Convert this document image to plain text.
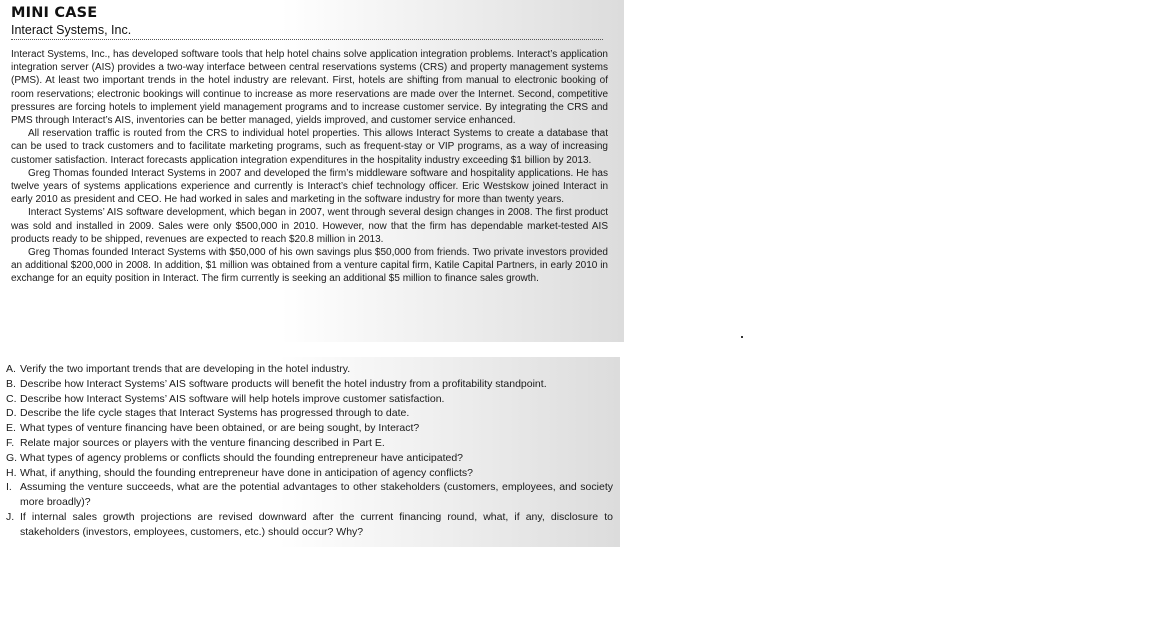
MINI CASE
Interact Systems, Inc.

Interact Systems, Inc., has developed software tools that help hotel chains solve application integration problems. Interact’s application integration server (AIS) provides a two-way interface between central reservations systems (CRS) and property management systems (PMS). At least two important trends in the hotel industry are relevant. First, hotels are shifting from manual to electronic booking of room reservations; electronic bookings will continue to increase as more reservations are made over the Internet. Second, competitive pressures are forcing hotels to implement yield management programs and to increase customer service. By integrating the CRS and PMS through Interact’s AIS, inventories can be better managed, yields improved, and customer service enhanced.

All reservation traffic is routed from the CRS to individual hotel properties. This allows Interact Systems to create a database that can be used to track customers and to facilitate marketing programs, such as frequent-stay or VIP programs, as a way of increasing customer satisfaction. Interact forecasts application integration expenditures in the hospitality industry exceeding $1 billion by 2013.

Greg Thomas founded Interact Systems in 2007 and developed the firm’s middleware software and hospitality applications. He has twelve years of systems applications experience and currently is Interact’s chief technology officer. Eric Westskow joined Interact in early 2010 as president and CEO. He had worked in sales and marketing in the software industry for more than twenty years.

Interact Systems’ AIS software development, which began in 2007, went through several design changes in 2008. The first product was sold and installed in 2009. Sales were only $500,000 in 2010. However, now that the firm has dependable market-tested AIS products ready to be shipped, revenues are expected to reach $20.8 million in 2013.

Greg Thomas founded Interact Systems with $50,000 of his own savings plus $50,000 from friends. Two private investors provided an additional $200,000 in 2008. In addition, $1 million was obtained from a venture capital firm, Katile Capital Partners, in early 2010 in exchange for an equity position in Interact. The firm currently is seeking an additional $5 million to finance sales growth.

A. Verify the two important trends that are developing in the hotel industry.
B. Describe how Interact Systems’ AIS software products will benefit the hotel industry from a profitability standpoint.
C. Describe how Interact Systems’ AIS software will help hotels improve customer satisfaction.
D. Describe the life cycle stages that Interact Systems has progressed through to date.
E. What types of venture financing have been obtained, or are being sought, by Interact?
F. Relate major sources or players with the venture financing described in Part E.
G. What types of agency problems or conflicts should the founding entrepreneur have anticipated?
H. What, if anything, should the founding entrepreneur have done in anticipation of agency conflicts?
I. Assuming the venture succeeds, what are the potential advantages to other stakeholders (customers, employees, and society more broadly)?
J. If internal sales growth projections are revised downward after the current financing round, what, if any, disclosure to stakeholders (investors, employees, customers, etc.) should occur? Why?
